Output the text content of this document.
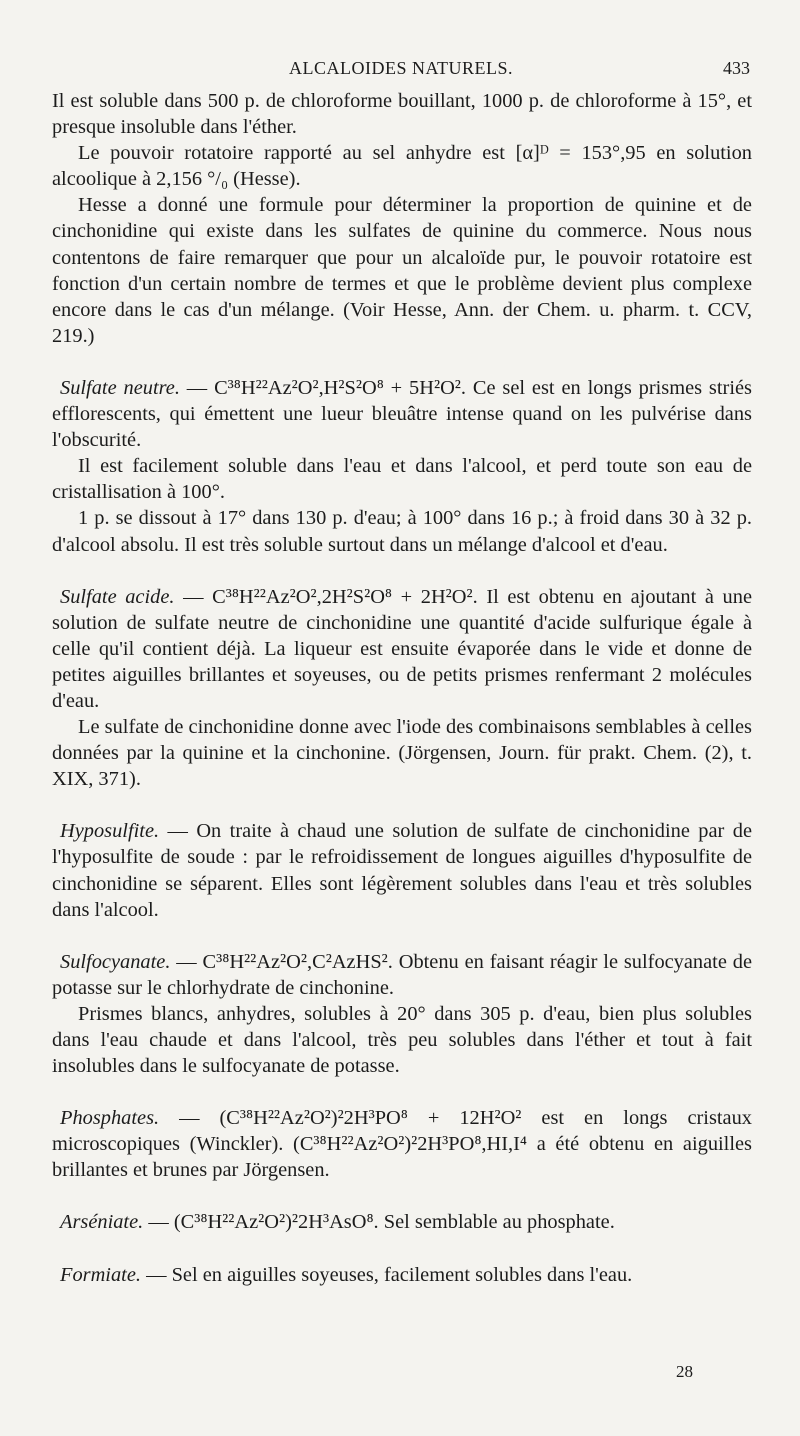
ALCALOIDES NATURELS.	433

Il est soluble dans 500 p. de chloroforme bouillant, 1000 p. de chloroforme à 15°, et presque insoluble dans l'éther.

Le pouvoir rotatoire rapporté au sel anhydre est [α]ᴰ = 153°,95 en solution alcoolique à 2,156 °/₀ (Hesse).

Hesse a donné une formule pour déterminer la proportion de quinine et de cinchonidine qui existe dans les sulfates de quinine du commerce. Nous nous contentons de faire remarquer que pour un alcaloïde pur, le pouvoir rotatoire est fonction d'un certain nombre de termes et que le problème devient plus complexe encore dans le cas d'un mélange. (Voir Hesse, Ann. der Chem. u. pharm. t. CCV, 219.)

Sulfate neutre. — C³⁸H²²Az²O²,H²S²O⁸ + 5H²O². Ce sel est en longs prismes striés efflorescents, qui émettent une lueur bleuâtre intense quand on les pulvérise dans l'obscurité.

Il est facilement soluble dans l'eau et dans l'alcool, et perd toute son eau de cristallisation à 100°.

1 p. se dissout à 17° dans 130 p. d'eau; à 100° dans 16 p.; à froid dans 30 à 32 p. d'alcool absolu. Il est très soluble surtout dans un mélange d'alcool et d'eau.

Sulfate acide. — C³⁸H²²Az²O²,2H²S²O⁸ + 2H²O². Il est obtenu en ajoutant à une solution de sulfate neutre de cinchonidine une quantité d'acide sulfurique égale à celle qu'il contient déjà. La liqueur est ensuite évaporée dans le vide et donne de petites aiguilles brillantes et soyeuses, ou de petits prismes renfermant 2 molécules d'eau.

Le sulfate de cinchonidine donne avec l'iode des combinaisons semblables à celles données par la quinine et la cinchonine. (Jörgensen, Journ. für prakt. Chem. (2), t. XIX, 371).

Hyposulfite. — On traite à chaud une solution de sulfate de cinchonidine par de l'hyposulfite de soude : par le refroidissement de longues aiguilles d'hyposulfite de cinchonidine se séparent. Elles sont légèrement solubles dans l'eau et très solubles dans l'alcool.

Sulfocyanate. — C³⁸H²²Az²O²,C²AzHS². Obtenu en faisant réagir le sulfocyanate de potasse sur le chlorhydrate de cinchonine.

Prismes blancs, anhydres, solubles à 20° dans 305 p. d'eau, bien plus solubles dans l'eau chaude et dans l'alcool, très peu solubles dans l'éther et tout à fait insolubles dans le sulfocyanate de potasse.

Phosphates. — (C³⁸H²²Az²O²)²2H³PO⁸ + 12H²O² est en longs cristaux microscopiques (Winckler). (C³⁸H²²Az²O²)²2H³PO⁸,HI,I⁴ a été obtenu en aiguilles brillantes et brunes par Jörgensen.

Arséniate. — (C³⁸H²²Az²O²)²2H³AsO⁸. Sel semblable au phosphate.

Formiate. — Sel en aiguilles soyeuses, facilement solubles dans l'eau.

28
